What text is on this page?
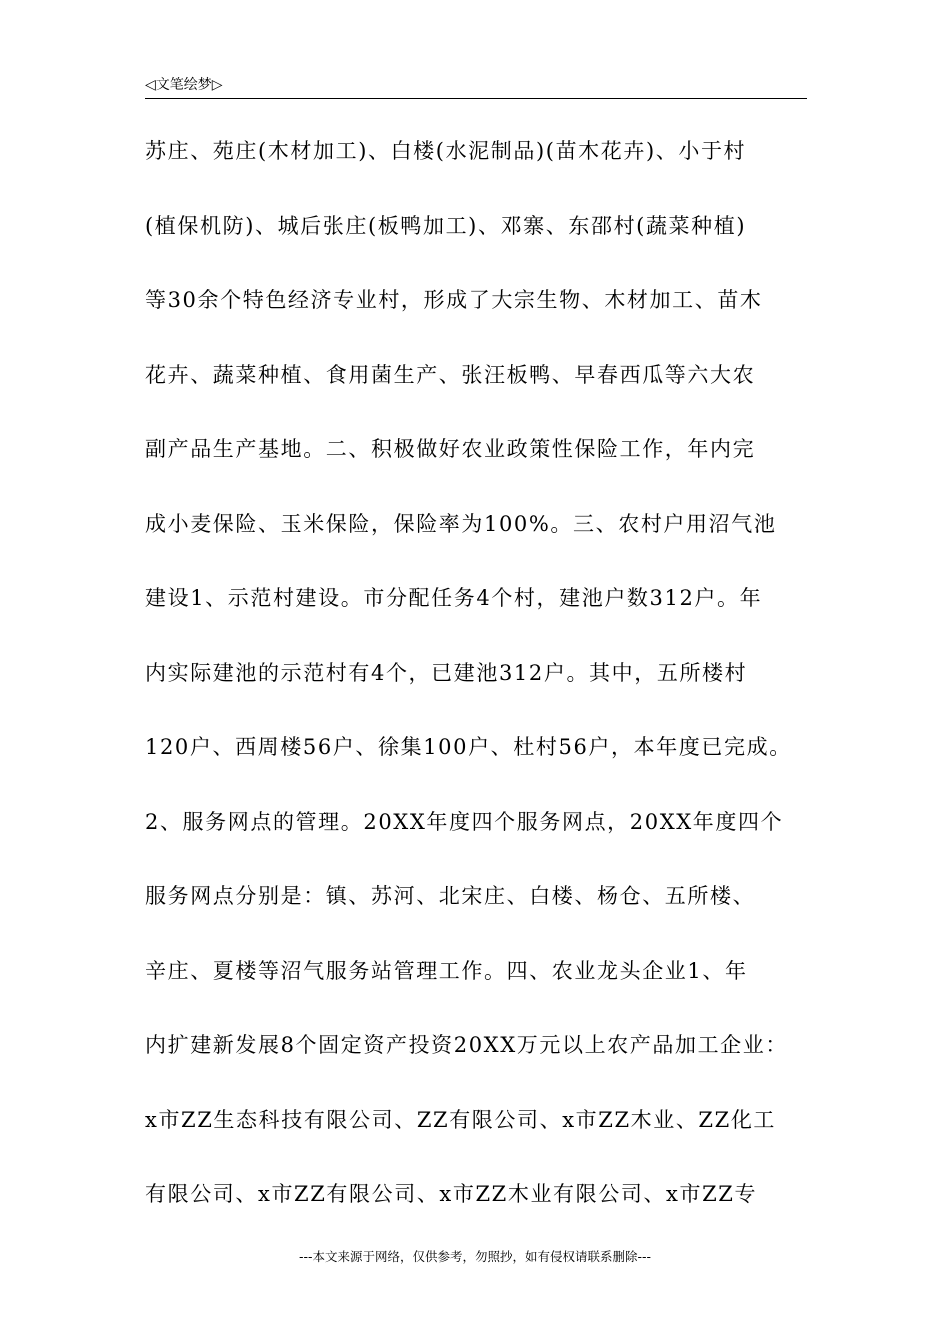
◁文笔绘梦▷
苏庄、苑庄(木材加工)、白楼(水泥制品)(苗木花卉)、小于村
(植保机防)、城后张庄(板鸭加工)、邓寨、东邵村(蔬菜种植)
等30余个特色经济专业村，形成了大宗生物、木材加工、苗木
花卉、蔬菜种植、食用菌生产、张汪板鸭、早春西瓜等六大农
副产品生产基地。二、积极做好农业政策性保险工作，年内完
成小麦保险、玉米保险，保险率为100%。三、农村户用沼气池
建设1、示范村建设。市分配任务4个村，建池户数312户。年
内实际建池的示范村有4个，已建池312户。其中，五所楼村
120户、西周楼56户、徐集100户、杜村56户，本年度已完成。
2、服务网点的管理。20XX年度四个服务网点，20XX年度四个
服务网点分别是：镇、苏河、北宋庄、白楼、杨仓、五所楼、
辛庄、夏楼等沼气服务站管理工作。四、农业龙头企业1、年
内扩建新发展8个固定资产投资20XX万元以上农产品加工企业：
x市ZZ生态科技有限公司、ZZ有限公司、x市ZZ木业、ZZ化工
有限公司、x市ZZ有限公司、x市ZZ木业有限公司、x市ZZ专
---本文来源于网络，仅供参考，勿照抄，如有侵权请联系删除---
